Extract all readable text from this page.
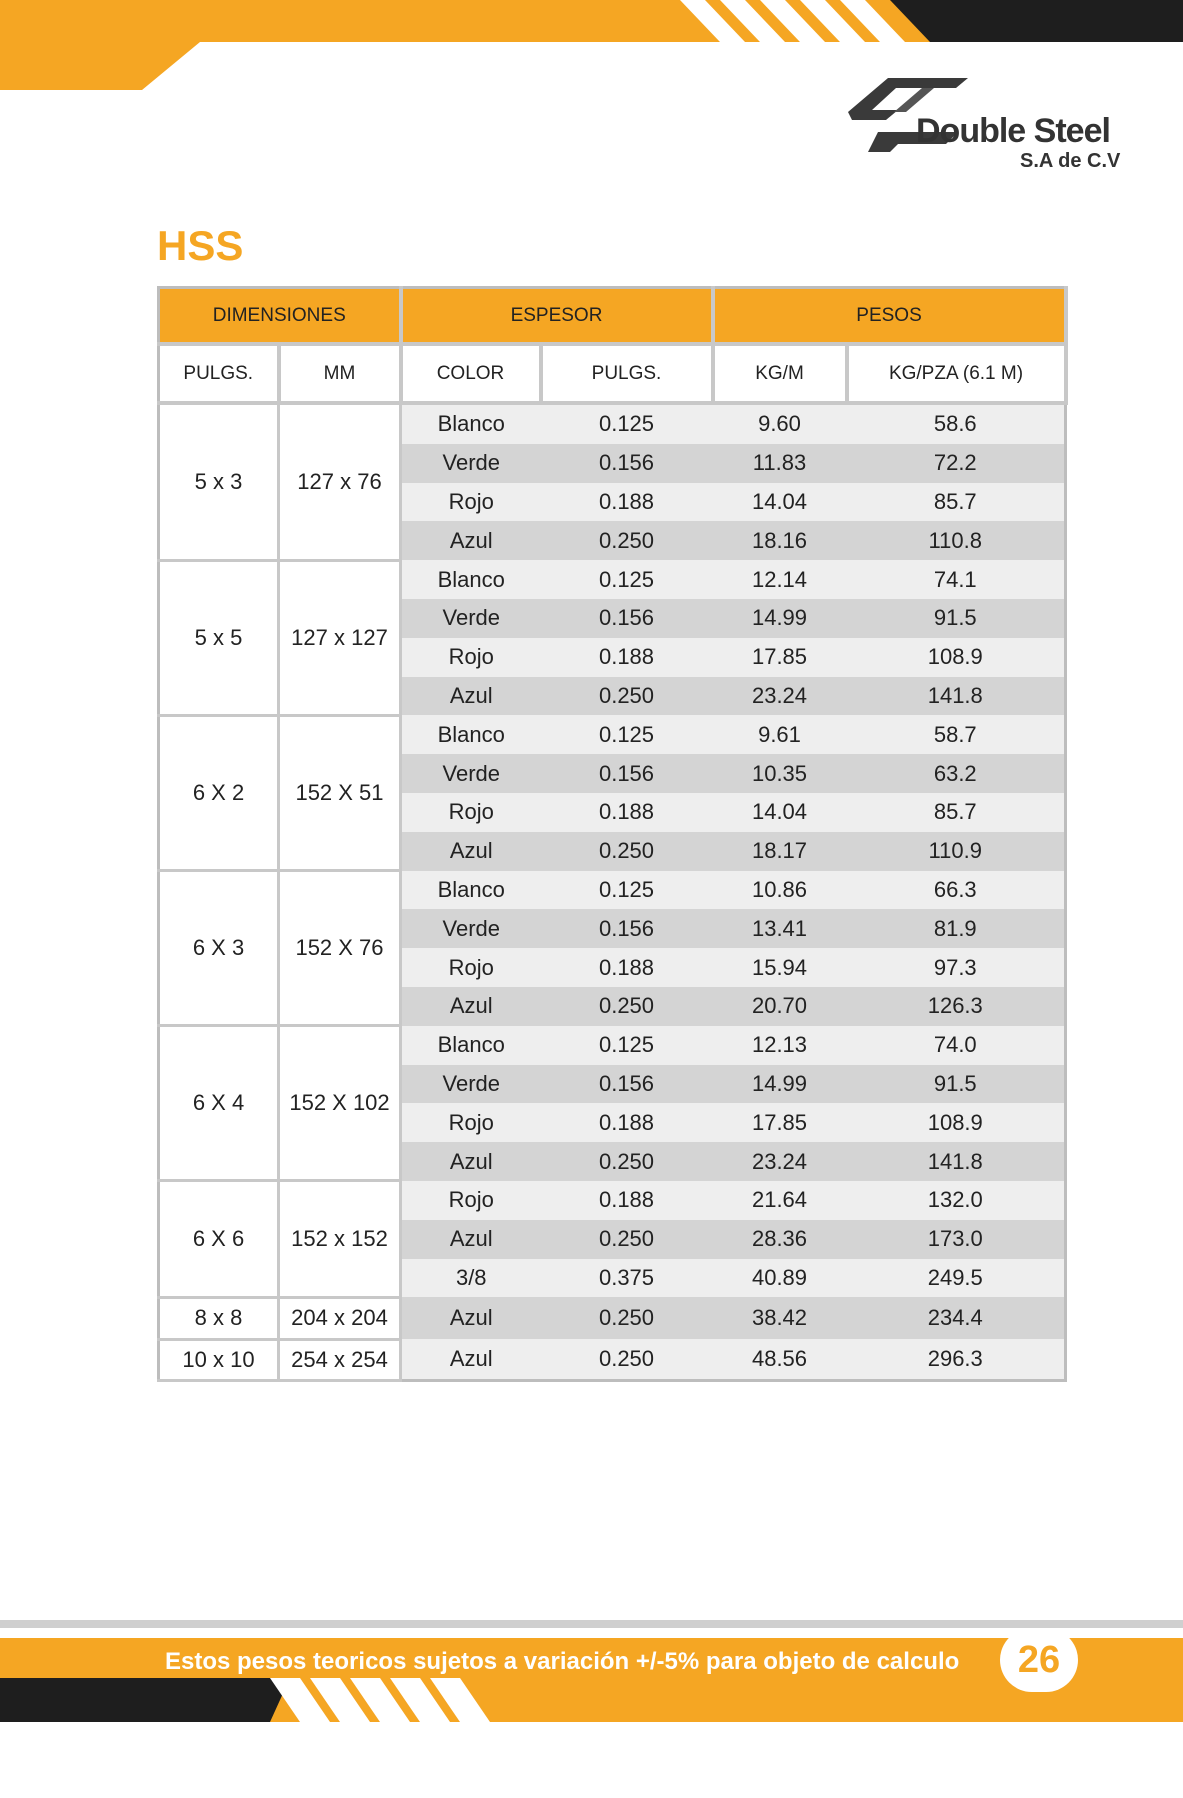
Double Steel
S.A de C.V
HSS
DIMENSIONES		ESPESOR		PESOS	
PULGS.	MM	COLOR	PULGS.	KG/M	KG/PZA (6.1 M)
5 x 3	127 x 76	Blanco	0.125	9.60	58.6
		Verde	0.156	11.83	72.2
		Rojo	0.188	14.04	85.7
		Azul	0.250	18.16	110.8
5 x 5	127 x 127	Blanco	0.125	12.14	74.1
		Verde	0.156	14.99	91.5
		Rojo	0.188	17.85	108.9
		Azul	0.250	23.24	141.8
6 X 2	152 X 51	Blanco	0.125	9.61	58.7
		Verde	0.156	10.35	63.2
		Rojo	0.188	14.04	85.7
		Azul	0.250	18.17	110.9
6 X 3	152 X 76	Blanco	0.125	10.86	66.3
		Verde	0.156	13.41	81.9
		Rojo	0.188	15.94	97.3
		Azul	0.250	20.70	126.3
6 X 4	152 X 102	Blanco	0.125	12.13	74.0
		Verde	0.156	14.99	91.5
		Rojo	0.188	17.85	108.9
		Azul	0.250	23.24	141.8
6 X 6	152 x 152	Rojo	0.188	21.64	132.0
		Azul	0.250	28.36	173.0
		3/8	0.375	40.89	249.5
8 x 8	204 x 204	Azul	0.250	38.42	234.4
10 x 10	254 x 254	Azul	0.250	48.56	296.3
Estos pesos teoricos sujetos a variación +/-5% para objeto de calculo	26
